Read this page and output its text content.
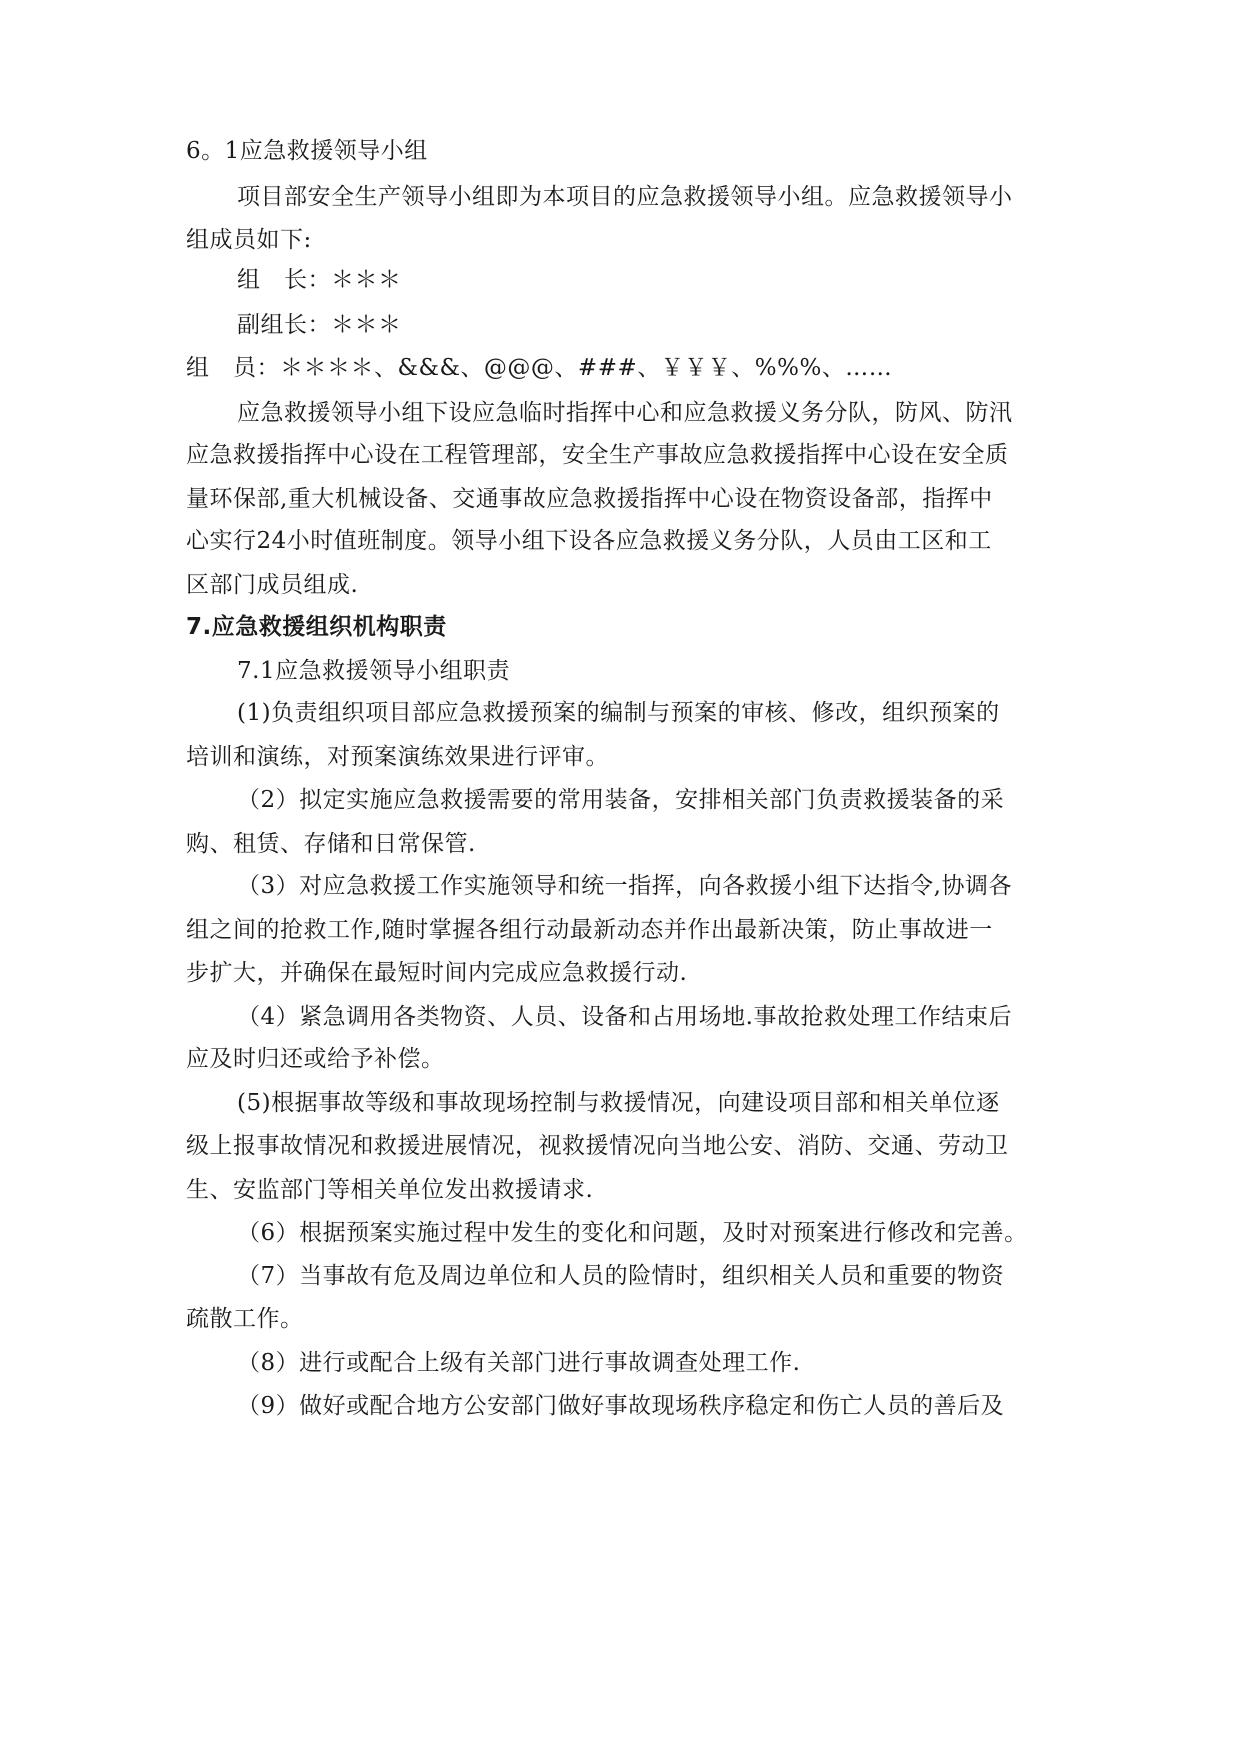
6。1应急救援领导小组
项目部安全生产领导小组即为本项目的应急救援领导小组。应急救援领导小
组成员如下:
组　长：＊＊＊
副组长：＊＊＊
组　员：＊＊＊＊、&&&、@@@、###、￥￥￥、%%%、……
应急救援领导小组下设应急临时指挥中心和应急救援义务分队，防风、防汛
应急救援指挥中心设在工程管理部，安全生产事故应急救援指挥中心设在安全质
量环保部,重大机械设备、交通事故应急救援指挥中心设在物资设备部，指挥中
心实行24小时值班制度。领导小组下设各应急救援义务分队，人员由工区和工
区部门成员组成.
7.应急救援组织机构职责
7.1应急救援领导小组职责
(1)负责组织项目部应急救援预案的编制与预案的审核、修改，组织预案的
培训和演练，对预案演练效果进行评审。
（2）拟定实施应急救援需要的常用装备，安排相关部门负责救援装备的采
购、租赁、存储和日常保管.
（3）对应急救援工作实施领导和统一指挥，向各救援小组下达指令,协调各
组之间的抢救工作,随时掌握各组行动最新动态并作出最新决策，防止事故进一
步扩大，并确保在最短时间内完成应急救援行动.
（4）紧急调用各类物资、人员、设备和占用场地.事故抢救处理工作结束后
应及时归还或给予补偿。
(5)根据事故等级和事故现场控制与救援情况，向建设项目部和相关单位逐
级上报事故情况和救援进展情况，视救援情况向当地公安、消防、交通、劳动卫
生、安监部门等相关单位发出救援请求.
（6）根据预案实施过程中发生的变化和问题，及时对预案进行修改和完善。
（7）当事故有危及周边单位和人员的险情时，组织相关人员和重要的物资
疏散工作。
（8）进行或配合上级有关部门进行事故调查处理工作.
（9）做好或配合地方公安部门做好事故现场秩序稳定和伤亡人员的善后及
